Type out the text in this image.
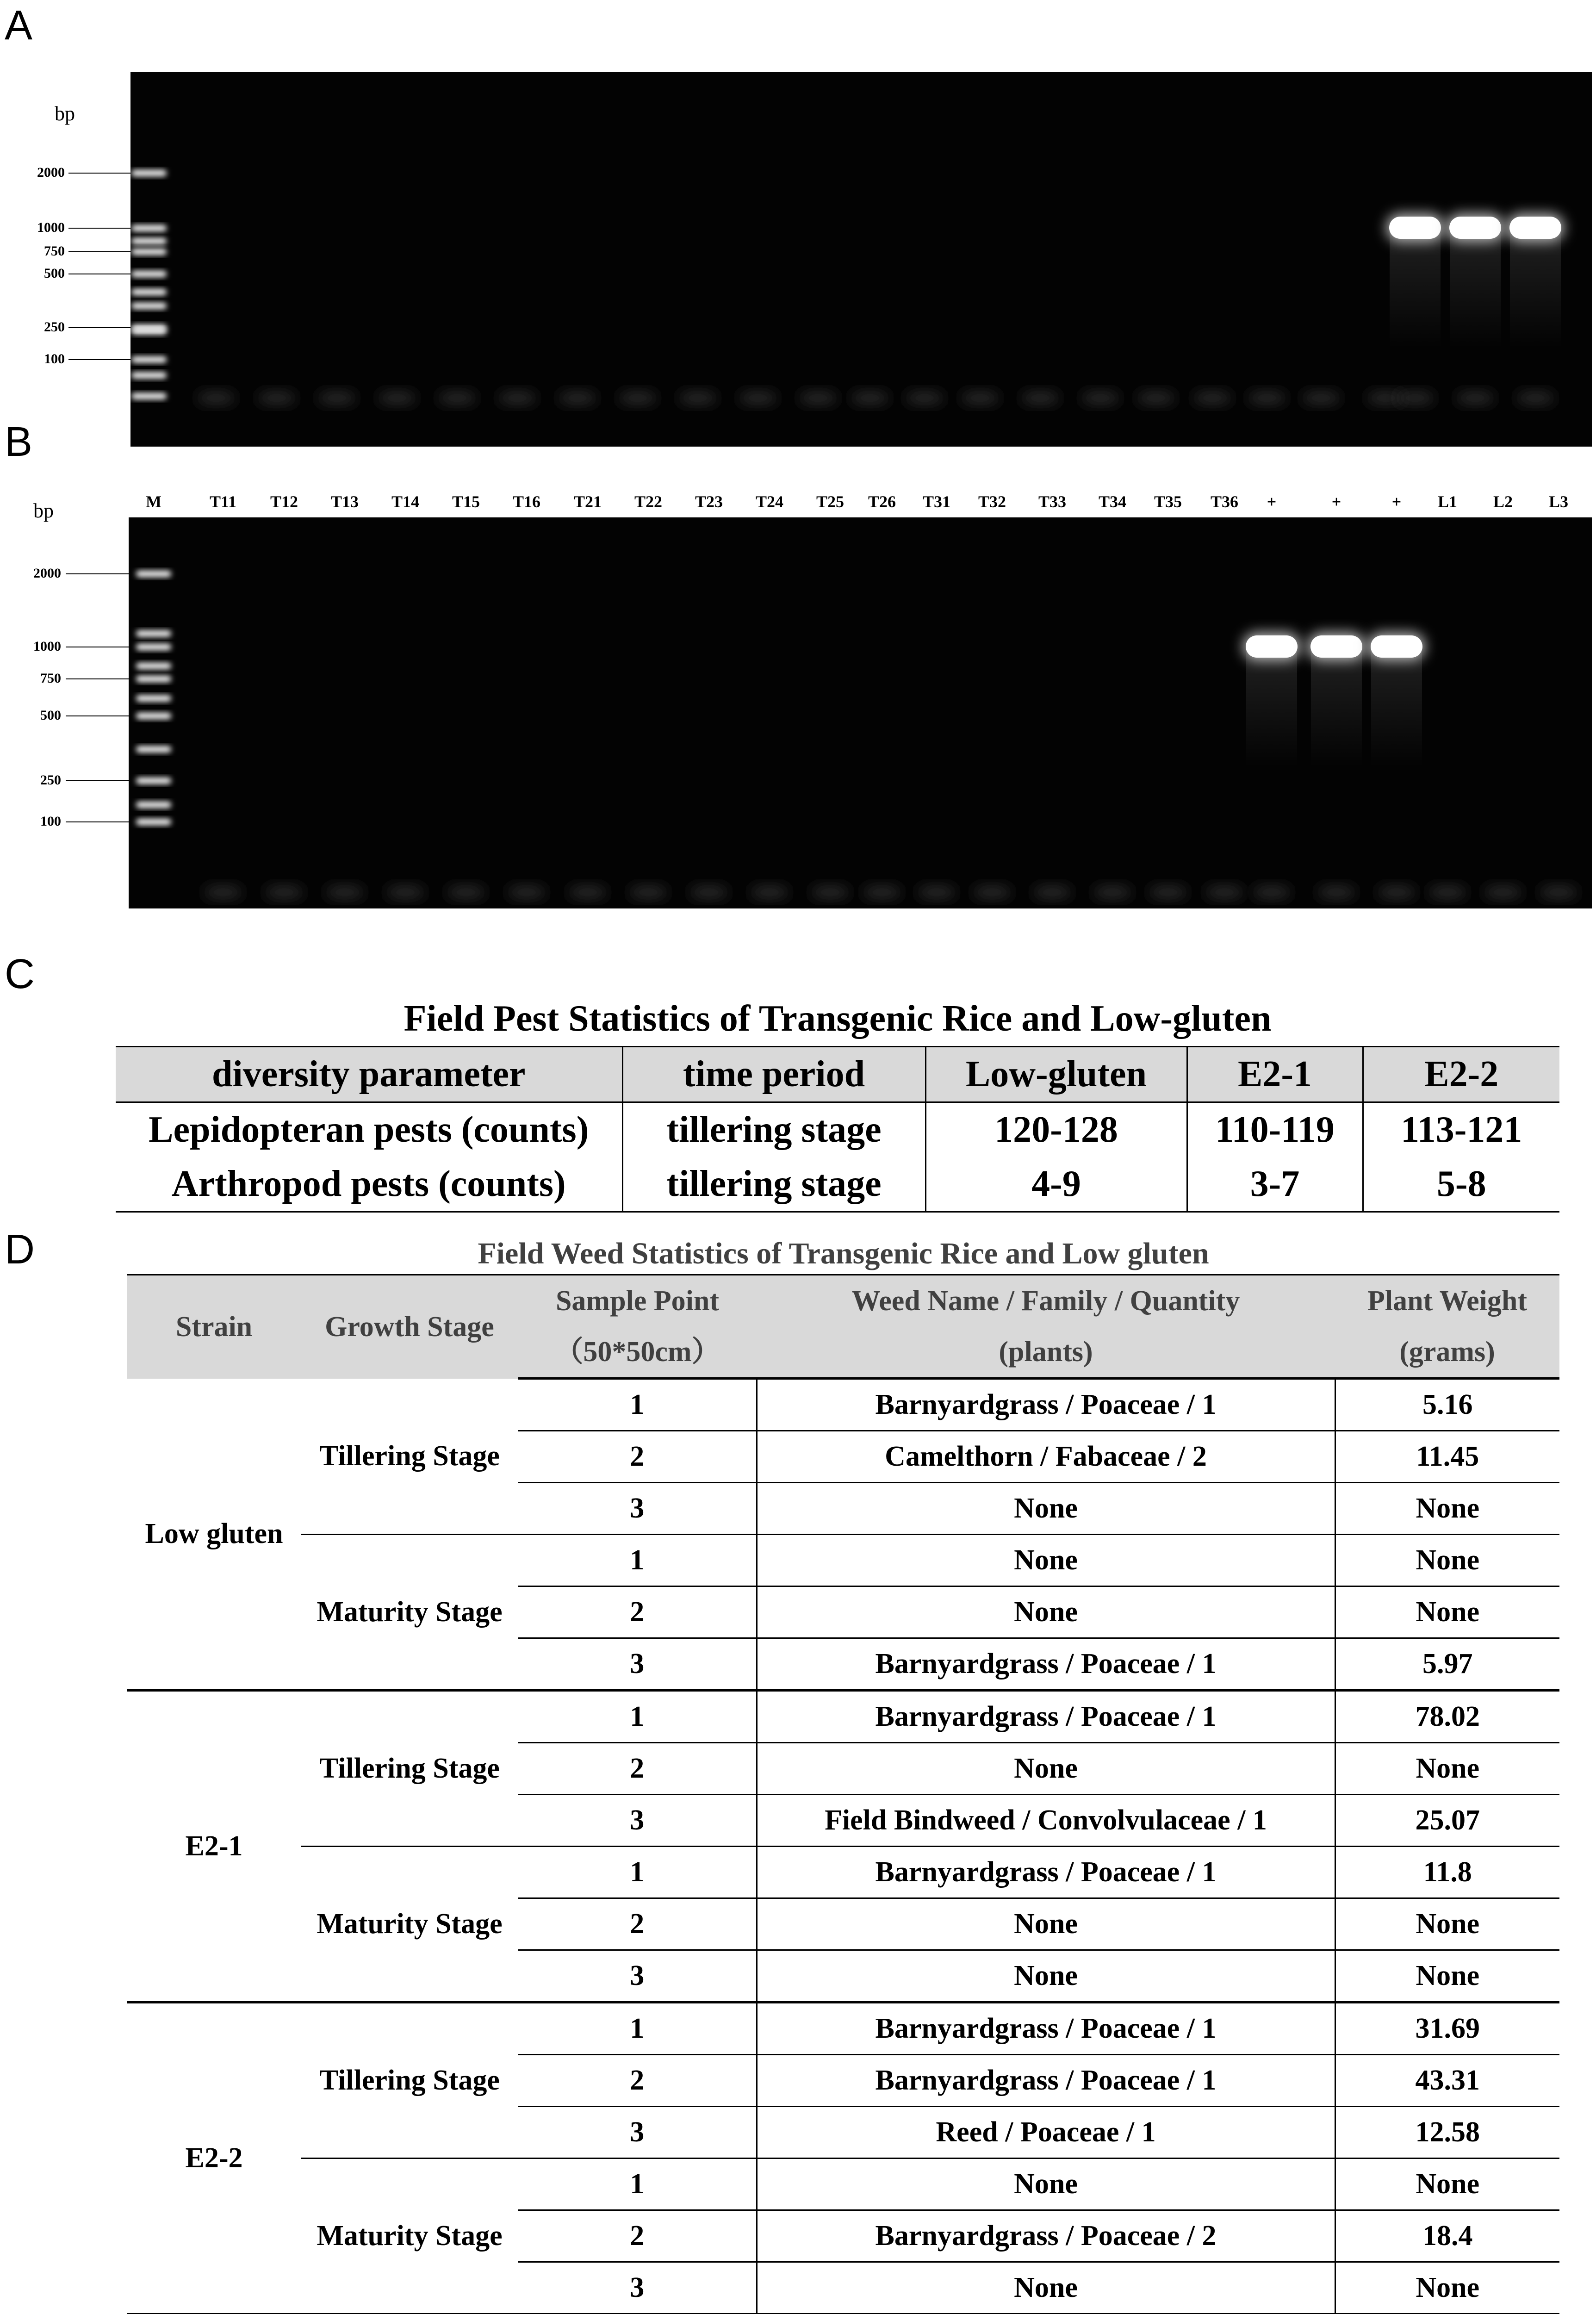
A
B
C
D
bp
2000
1000
750
500
250
100
M	T11 T12 T13 T14 T15 T16 T21 T22 T23 T24 T25 T26 T31 T32 T33 T34 T35 T36 +	+	+ L1 L2 L3
bp
2000
1000
750
500
250
100
Field Pest Statistics of Transgenic Rice and Low-gluten
diversity parameter	time period	Low-gluten	E2-1	E2-2
Lepidopteran pests (counts)	tillering stage	120-128	110-119	113-121
Arthropod pests (counts)	tillering stage	4-9	3-7	5-8
Field Weed Statistics of Transgenic Rice and Low gluten
Strain	Growth Stage	Sample Point	Weed Name / Family / Quantity	Plant Weight
		（50*50cm）	(plants)	(grams)
Low gluten	Tillering Stage	1	Barnyardgrass / Poaceae / 1	5.16
		2	Camelthorn / Fabaceae / 2	11.45
		3	None	None
	Maturity Stage	1	None	None
		2	None	None
		3	Barnyardgrass / Poaceae / 1	5.97
E2-1	Tillering Stage	1	Barnyardgrass / Poaceae / 1	78.02
		2	None	None
		3	Field Bindweed / Convolvulaceae / 1	25.07
	Maturity Stage	1	Barnyardgrass / Poaceae / 1	11.8
		2	None	None
		3	None	None
E2-2	Tillering Stage	1	Barnyardgrass / Poaceae / 1	31.69
		2	Barnyardgrass / Poaceae / 1	43.31
		3	Reed / Poaceae / 1	12.58
	Maturity Stage	1	None	None
		2	Barnyardgrass / Poaceae / 2	18.4
		3	None	None
